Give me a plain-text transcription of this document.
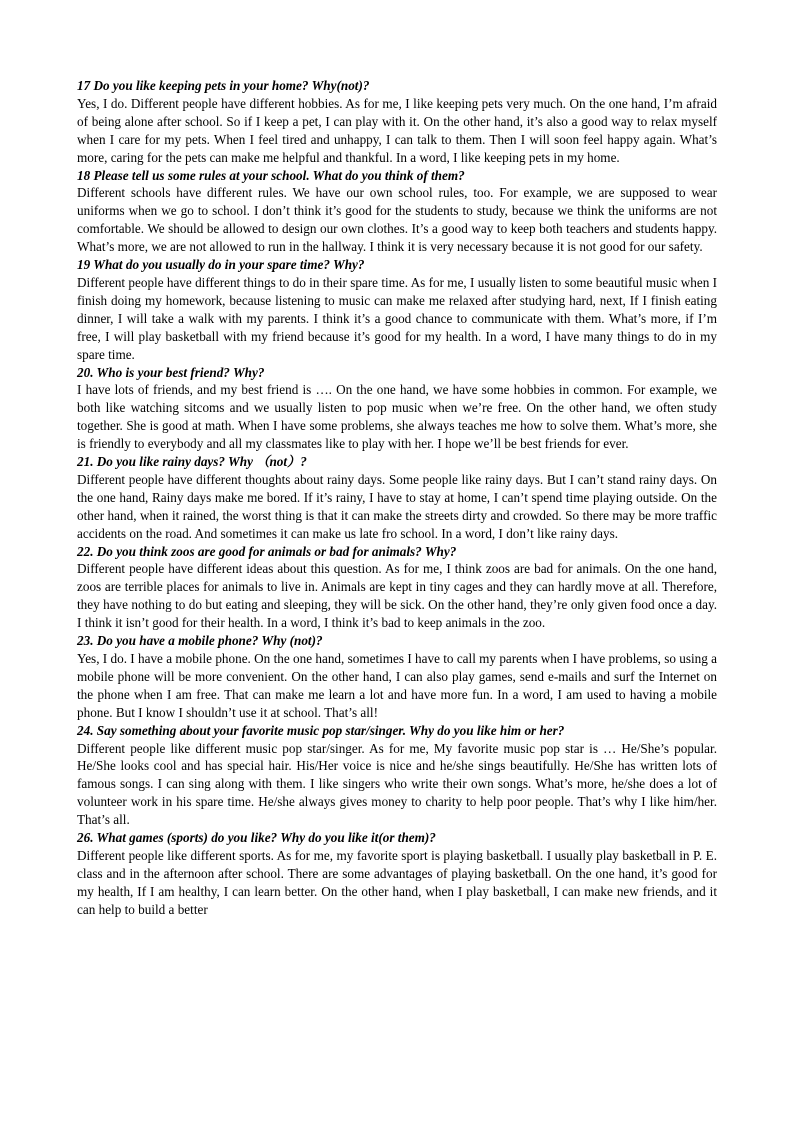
17 Do you like keeping pets in your home? Why(not)?

Yes, I do. Different people have different hobbies. As for me, I like keeping pets very much. On the one hand, I’m afraid of being alone after school. So if I keep a pet, I can play with it. On the other hand, it’s also a good way to relax myself when I care for my pets. When I feel tired and unhappy, I can talk to them. Then I will soon feel happy again. What’s more, caring for the pets can make me helpful and thankful. In a word, I like keeping pets in my home.

18 Please tell us some rules at your school. What do you think of them?

Different schools have different rules. We have our own school rules, too. For example, we are supposed to wear uniforms when we go to school. I don’t think it’s good for the students to study, because we think the uniforms are not comfortable. We should be allowed to design our own clothes. It’s a good way to keep both teachers and students happy. What’s more, we are not allowed to run in the hallway. I think it is very necessary because it is not good for our safety.

19 What do you usually do in your spare time? Why?

Different people have different things to do in their spare time. As for me, I usually listen to some beautiful music when I finish doing my homework, because listening to music can make me relaxed after studying hard, next, If I finish eating dinner, I will take a walk with my parents. I think it’s a good chance to communicate with them. What’s more, if I’m free, I will play basketball with my friend because it’s good for my health. In a word, I have many things to do in my spare time.

20. Who is your best friend? Why?

I have lots of friends, and my best friend is …. On the one hand, we have some hobbies in common. For example, we both like watching sitcoms and we usually listen to pop music when we’re free. On the other hand, we often study together. She is good at math. When I have some problems, she always teaches me how to solve them. What’s more, she is friendly to everybody and all my classmates like to play with her. I hope we’ll be best friends for ever.

21. Do you like rainy days? Why （not）?

Different people have different thoughts about rainy days. Some people like rainy days. But I can’t stand rainy days. On the one hand, Rainy days make me bored. If it’s rainy, I have to stay at home, I can’t spend time playing outside. On the other hand, when it rained, the worst thing is that it can make the streets dirty and crowded. So there may be more traffic accidents on the road. And sometimes it can make us late fro school. In a word, I don’t like rainy days.

22. Do you think zoos are good for animals or bad for animals? Why?

Different people have different ideas about this question. As for me, I think zoos are bad for animals. On the one hand, zoos are terrible places for animals to live in. Animals are kept in tiny cages and they can hardly move at all. Therefore, they have nothing to do but eating and sleeping, they will be sick. On the other hand, they’re only given food once a day. I think it isn’t good for their health. In a word, I think it’s bad to keep animals in the zoo.

23. Do you have a mobile phone? Why (not)?

Yes, I do. I have a mobile phone. On the one hand, sometimes I have to call my parents when I have problems, so using a mobile phone will be more convenient. On the other hand, I can also play games, send e-mails and surf the Internet on the phone when I am free. That can make me learn a lot and have more fun. In a word, I am used to having a mobile phone. But I know I shouldn’t use it at school. That’s all!

24. Say something about your favorite music pop star/singer. Why do you like him or her?

Different people like different music pop star/singer. As for me, My favorite music pop star is … He/She’s popular. He/She looks cool and has special hair. His/Her voice is nice and he/she sings beautifully. He/She has written lots of famous songs. I can sing along with them. I like singers who write their own songs. What’s more, he/she does a lot of volunteer work in his spare time. He/she always gives money to charity to help poor people. That’s why I like him/her. That’s all.

26. What games (sports) do you like? Why do you like it(or them)?

Different people like different sports. As for me, my favorite sport is playing basketball. I usually play basketball in P. E. class and in the afternoon after school. There are some advantages of playing basketball. On the one hand, it’s good for my health, If I am healthy, I can learn better. On the other hand, when I play basketball, I can make new friends, and it can help to build a better
